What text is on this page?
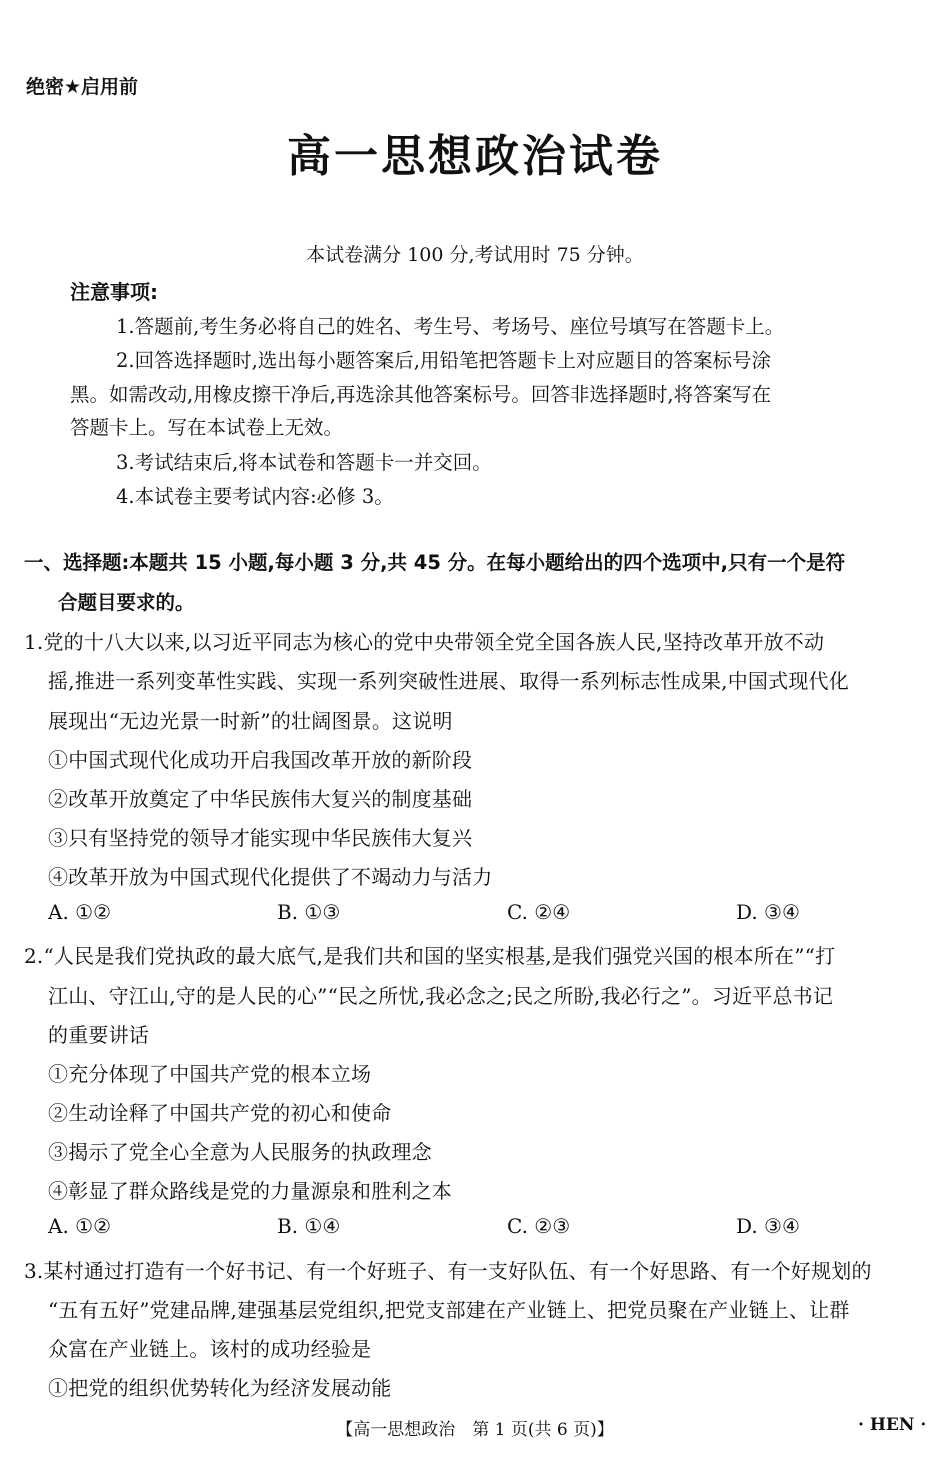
绝密★启用前
高一思想政治试卷
本试卷满分 100 分,考试用时 75 分钟。
注意事项:
1.答题前,考生务必将自己的姓名、考生号、考场号、座位号填写在答题卡上。
2.回答选择题时,选出每小题答案后,用铅笔把答题卡上对应题目的答案标号涂
黑。如需改动,用橡皮擦干净后,再选涂其他答案标号。回答非选择题时,将答案写在
答题卡上。写在本试卷上无效。
3.考试结束后,将本试卷和答题卡一并交回。
4.本试卷主要考试内容:必修 3。
一、选择题:本题共 15 小题,每小题 3 分,共 45 分。在每小题给出的四个选项中,只有一个是符
合题目要求的。
1.党的十八大以来,以习近平同志为核心的党中央带领全党全国各族人民,坚持改革开放不动
摇,推进一系列变革性实践、实现一系列突破性进展、取得一系列标志性成果,中国式现代化
展现出“无边光景一时新”的壮阔图景。这说明
①中国式现代化成功开启我国改革开放的新阶段
②改革开放奠定了中华民族伟大复兴的制度基础
③只有坚持党的领导才能实现中华民族伟大复兴
④改革开放为中国式现代化提供了不竭动力与活力
A. ①②	B. ①③	C. ②④	D. ③④
2.“人民是我们党执政的最大底气,是我们共和国的坚实根基,是我们强党兴国的根本所在”“打
江山、守江山,守的是人民的心”“民之所忧,我必念之;民之所盼,我必行之”。习近平总书记
的重要讲话
①充分体现了中国共产党的根本立场
②生动诠释了中国共产党的初心和使命
③揭示了党全心全意为人民服务的执政理念
④彰显了群众路线是党的力量源泉和胜利之本
A. ①②	B. ①④	C. ②③	D. ③④
3.某村通过打造有一个好书记、有一个好班子、有一支好队伍、有一个好思路、有一个好规划的
“五有五好”党建品牌,建强基层党组织,把党支部建在产业链上、把党员聚在产业链上、让群
众富在产业链上。该村的成功经验是
①把党的组织优势转化为经济发展动能
【高一思想政治　第 1 页(共 6 页)】	· HEN ·
